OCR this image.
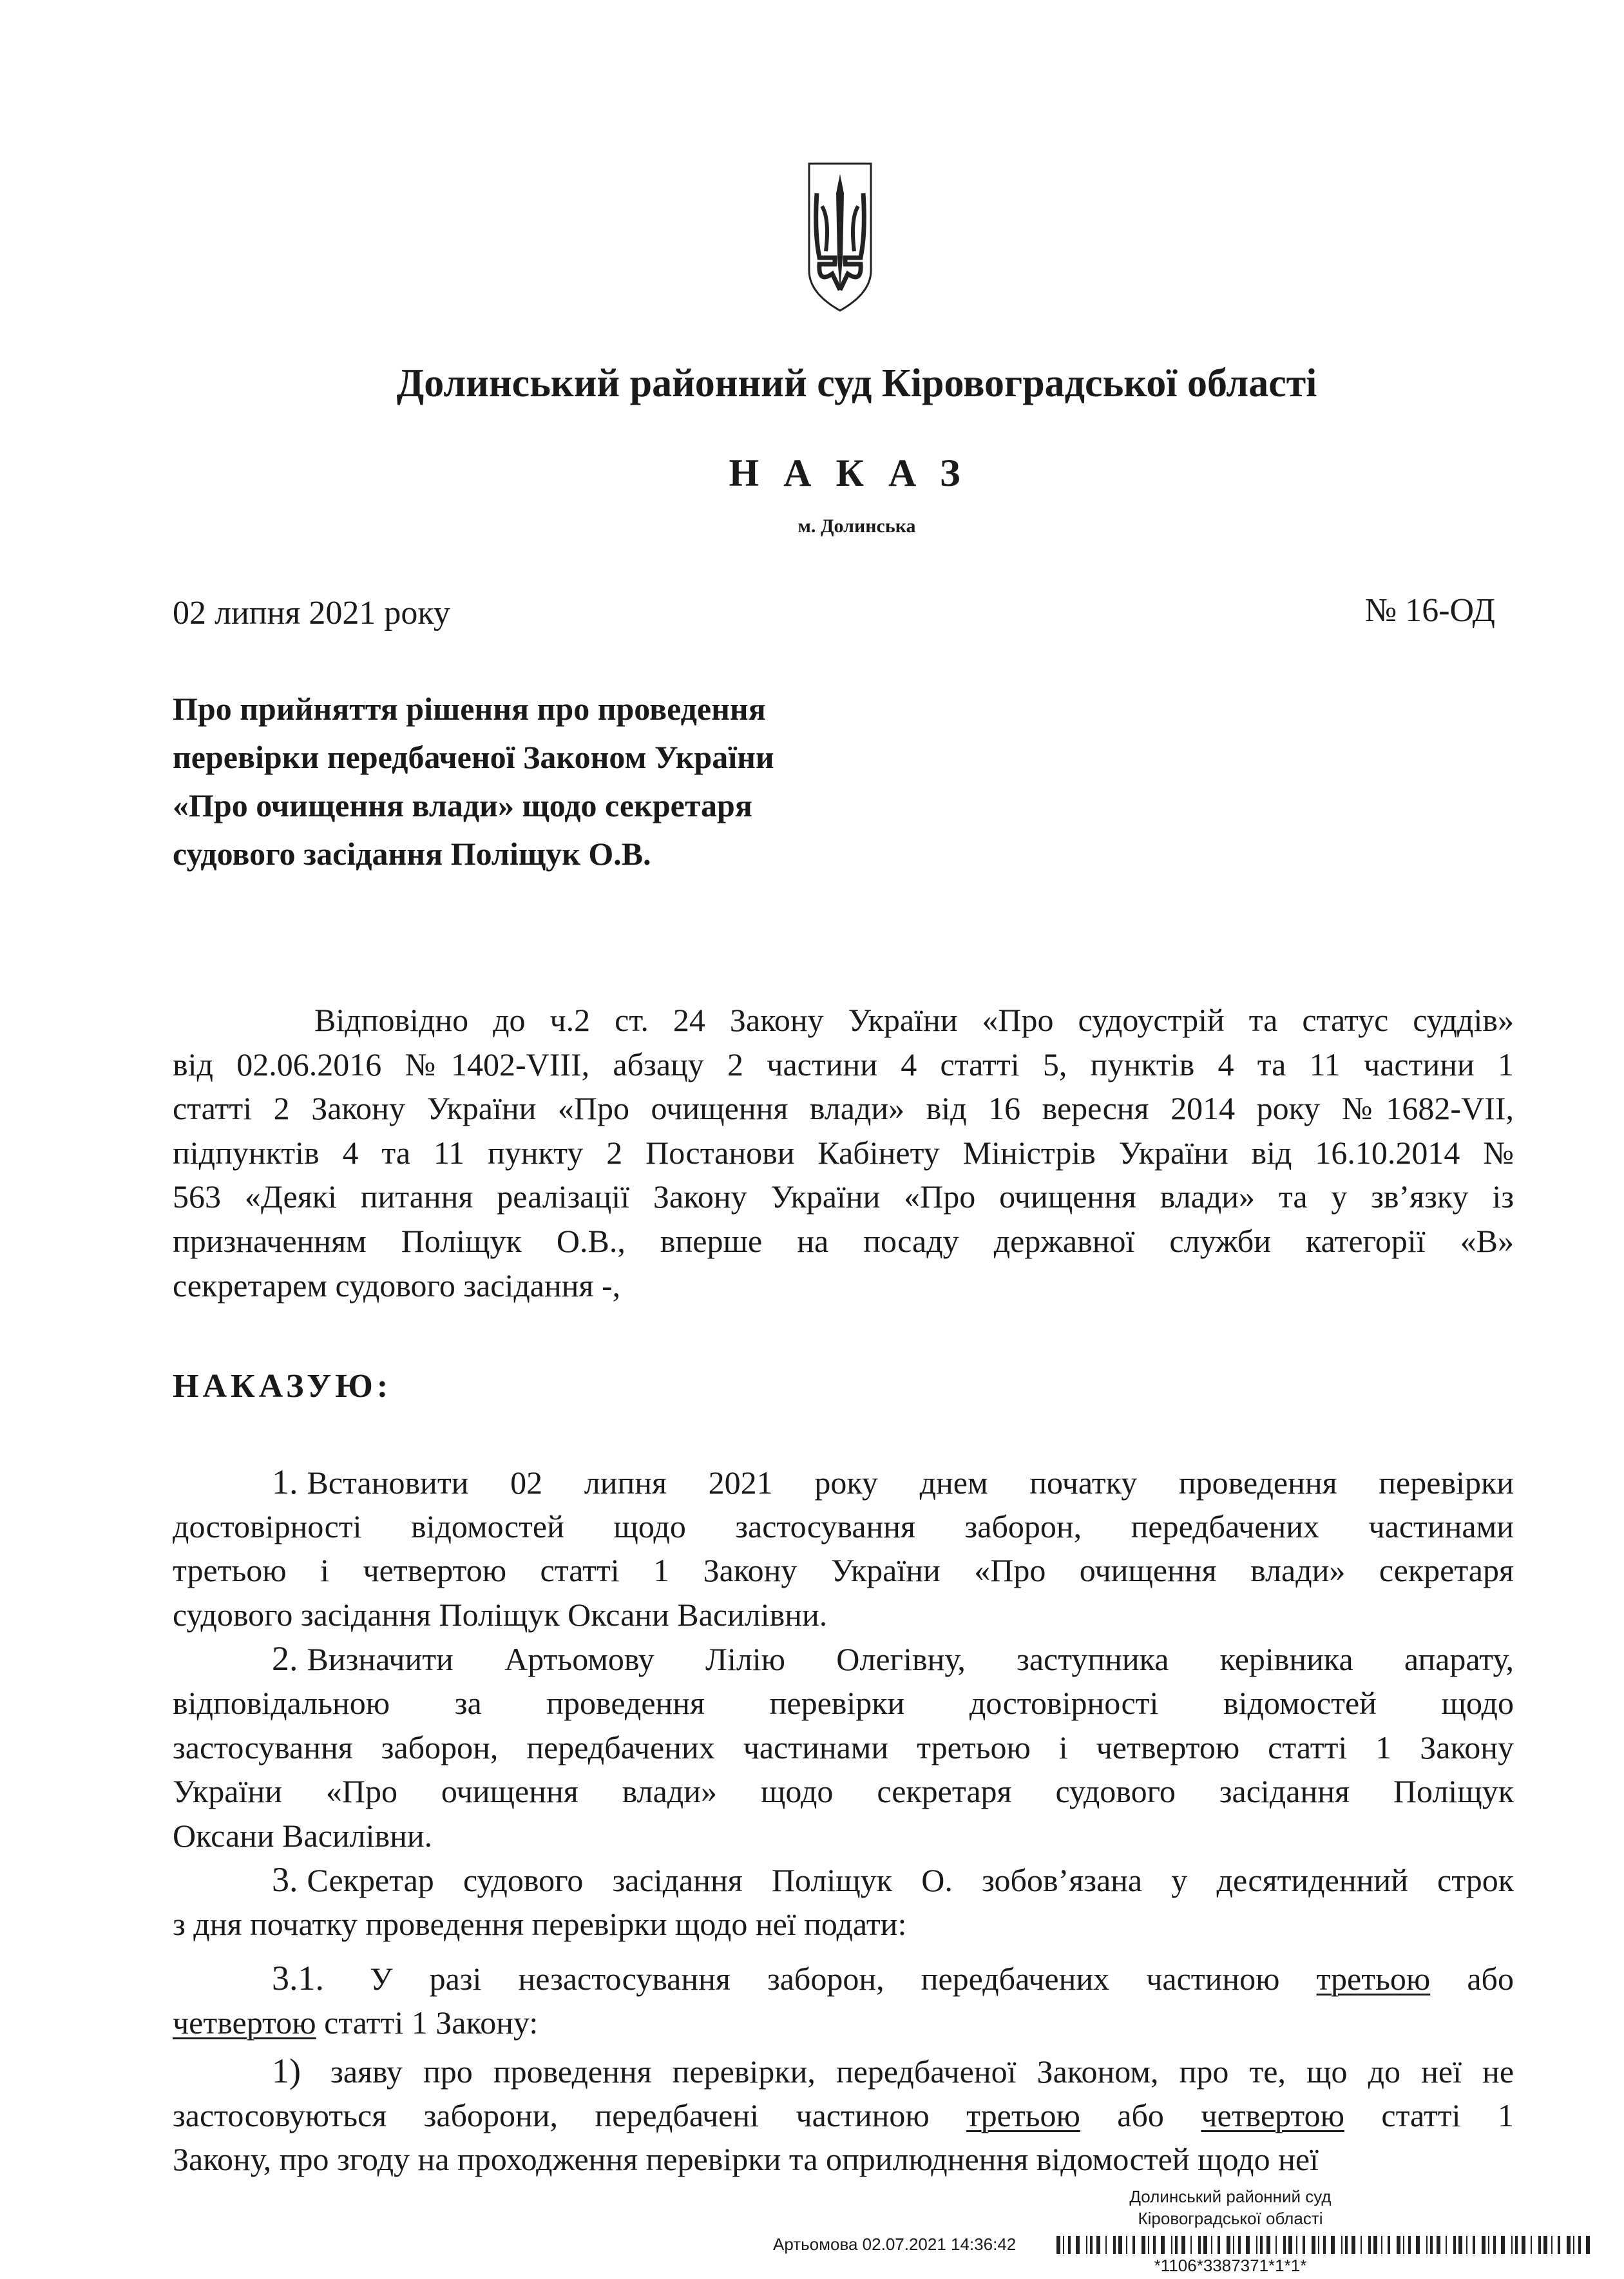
Долинський районний суд Кіровоградської області
НАКАЗ
м. Долинська
02 липня 2021 року	№ 16-ОД
Про прийняття рішення про проведення
перевірки передбаченої Законом України
«Про очищення влади» щодо секретаря
судового засідання Поліщук О.В.
Відповідно до ч.2 ст. 24 Закону України «Про судоустрій та статус суддів»
від 02.06.2016 №1402-VIII, абзацу 2 частини 4 статті 5, пунктів 4 та 11 частини 1
статті 2 Закону України «Про очищення влади» від 16 вересня 2014 року №1682-VII,
підпунктів 4 та 11 пункту 2 Постанови Кабінету Міністрів України від 16.10.2014 №
563 «Деякі питання реалізації Закону України «Про очищення влади» та у зв’язку із
призначенням Поліщук О.В., вперше на посаду державної служби категорії «В»
секретарем судового засідання -,
НАКАЗУЮ:
1. Встановити 02 липня 2021 року днем початку проведення перевірки
достовірності відомостей щодо застосування заборон, передбачених частинами
третьою і четвертою статті 1 Закону України «Про очищення влади» секретаря
судового засідання Поліщук Оксани Василівни.
2. Визначити Артьомову Лілію Олегівну, заступника керівника апарату,
відповідальною за проведення перевірки достовірності відомостей щодо
застосування заборон, передбачених частинами третьою і четвертою статті 1 Закону
України «Про очищення влади» щодо секретаря судового засідання Поліщук
Оксани Василівни.
3. Секретар судового засідання Поліщук О. зобов’язана у десятиденний строк
з дня початку проведення перевірки щодо неї подати:
3.1. У разі незастосування заборон, передбачених частиною третьою або
четвертою статті 1 Закону:
1) заяву про проведення перевірки, передбаченої Законом, про те, що до неї не
застосовуються заборони, передбачені частиною третьою або четвертою статті 1
Закону, про згоду на проходження перевірки та оприлюднення відомостей щодо неї
Долинський районний суд
Кіровоградської області
Артьомова 02.07.2021 14:36:42
*1106*3387371*1*1*
